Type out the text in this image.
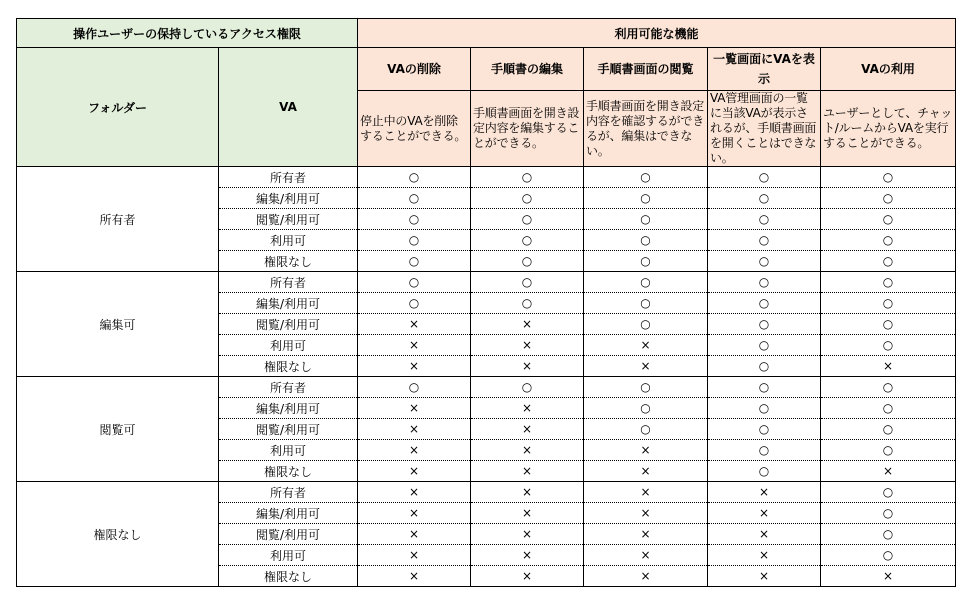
操作ユーザーの保持しているアクセス権限		利用可能な機能				
フォルダー	VA	VAの削除	手順書の編集	手順書画面の閲覧	一覧画面にVAを表示	VAの利用
		停止中のVAを削除することができる。	手順書画面を開き設定内容を編集することができる。	手順書画面を開き設定内容を確認するができるが、編集はできない。	VA管理画面の一覧に当該VAが表示されるが、手順書画面を開くことはできない。	ユーザーとして、チャット/ルームからVAを実行することができる。
所有者	所有者	○	○	○	○	○
	編集/利用可	○	○	○	○	○
	閲覧/利用可	○	○	○	○	○
	利用可	○	○	○	○	○
	権限なし	○	○	○	○	○
編集可	所有者	○	○	○	○	○
	編集/利用可	○	○	○	○	○
	閲覧/利用可	×	×	○	○	○
	利用可	×	×	×	○	○
	権限なし	×	×	×	○	×
閲覧可	所有者	○	○	○	○	○
	編集/利用可	×	×	○	○	○
	閲覧/利用可	×	×	○	○	○
	利用可	×	×	×	○	○
	権限なし	×	×	×	○	×
権限なし	所有者	×	×	×	×	○
	編集/利用可	×	×	×	×	○
	閲覧/利用可	×	×	×	×	○
	利用可	×	×	×	×	○
	権限なし	×	×	×	×	×
